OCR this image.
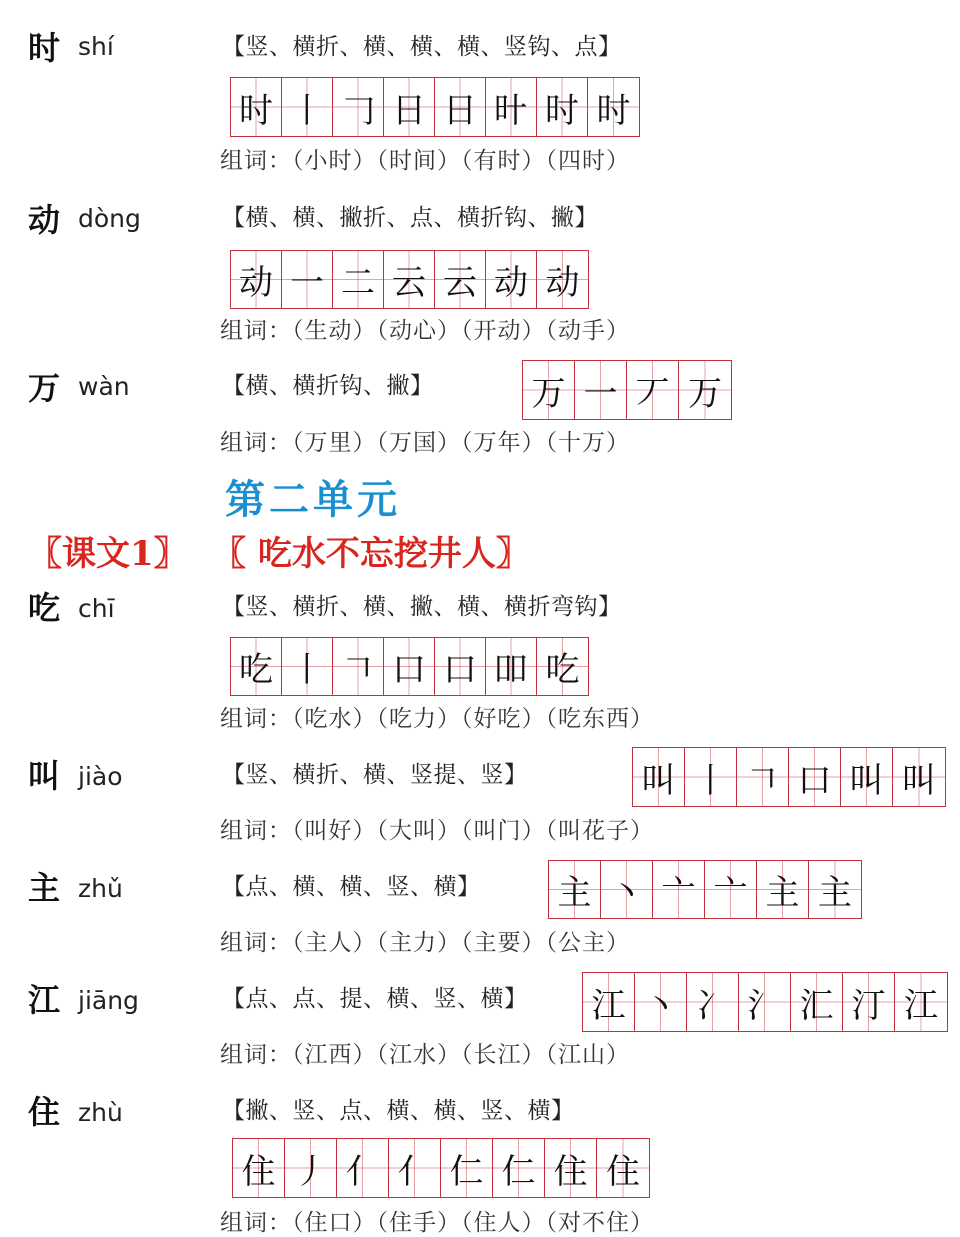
时 shí	【竖、横折、横、横、横、竖钩、点】
时 丨 𠃌 日 日 旪 时 时
组词：（小时）（时间）（有时）（四时）
动 dòng	【横、横、撇折、点、横折钩、撇】
动 一 二 云 云 动 动
组词：（生动）（动心）（开动）（动手）
万 wàn	【横、横折钩、撇】	万 一 丆 万
组词：（万里）（万国）（万年）（十万）
第二单元
〖课文1〗 〖 吃水不忘挖井人〗
吃 chī	【竖、横折、横、撇、横、横折弯钩】
吃 丨 𠃍 口 口 吅 吃
组词：（吃水）（吃力）（好吃）（吃东西）
叫 jiào	【竖、横折、横、竖提、竖】	叫 丨 𠃍 口 叫 叫
组词：（叫好）（大叫）（叫门）（叫花子）
主 zhǔ	【点、横、横、竖、横】 主 丶 亠 亠 主 主
组词：（主人）（主力）（主要）（公主）
江 jiāng	【点、点、提、横、竖、横】 江 丶 冫 氵 汇 汀 江
组词：（江西）（江水）（长江）（江山）
住 zhù	【撇、竖、点、横、横、竖、横】
住 丿 亻 亻 仁 仁 住 住
组词：（住口）（住手）（住人）（对不住）
